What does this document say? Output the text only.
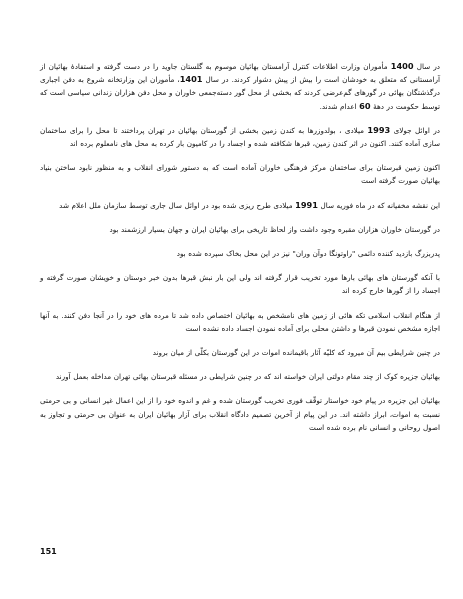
در سال 1400 مأموران وزارت اطلاعات کنترل آرامستان بهائیان موسوم به گلستان جاوید را در دست گرفته و استفادهٔ بهائیان از آرامستانی که متعلق به خودشان است را بیش از پیش دشوار کردند. در سال 1401، مأموران این وزارتخانه شروع به دفن اجباری درگذشتگان بهائی در گورهای گم‌عرضی کردند که بخشی از محل گور دسته‌جمعی خاوران و محل دفن هزاران زندانی سیاسی است که توسط حکومت در دههٔ 60 اعدام شدند.

در اوائل جولای 1993 میلادی ، بولدوزرها به کندن زمین بخشی از گورستان بهائیان در تهران پرداختند تا محل را برای ساختمان سازی آماده کنند. اکنون در اثر کندن زمین، قبرها شکافته شده و اجساد را در کامیون بار کرده به محل های نامعلوم برده اند

اکنون زمین قبرستان برای ساختمان مرکز فرهنگی خاوران آماده است که به دستور شورای انقلاب و به منظور نابود ساختن بنیاد بهائیان صورت گرفته است

این نقشه مخفیانه که در ماه فوریه سال 1991 میلادی طرح ریزی شده بود در اوائل سال جاری توسط سازمان ملل اعلام شد

در گورستان خاوران هزاران مقبره وجود داشت واز لحاظ تاریخی برای بهائیان ایران و جهان بسیار ارزشمند بود

پدربزرگ بازدید کننده دائمی "راوتونگا دوآن وران" نیز در این محل بخاک سپرده شده بود

با آنکه گورستان های بهائی بارها مورد تخریب قرار گرفته اند ولی این بار نبش قبرها بدون خبر دوستان و خویشان صورت گرفته و اجساد را از گورها خارج کرده اند

از هنگام انقلاب اسلامی تکه هائی از زمین های نامشخص به بهائیان اختصاص داده شد تا مرده های خود را در آنجا دفن کنند. به آنها اجازه مشخص نمودن قبرها و داشتن محلی برای آماده نمودن اجساد داده نشده است

در چنین شرایطی بیم آن میرود که کلیّه آثار باقیمانده اموات در این گورستان بکلّی از میان بروند

بهائیان جزیره کوک از چند مقام دولتی ایران خواسته اند که در چنین شرایطی در مسئله قبرستان بهائی تهران مداخله بعمل آورند

بهائیان این جزیره در پیام خود خواستار توقّف فوری تخریب گورستان شده و غم و اندوه خود را از این اعمال غیر انسانی و بی حرمتی نسبت به اموات، ابراز داشته اند. در این پیام از آخرین تصمیم دادگاه انقلاب برای آزار بهائیان ایران به عنوان بی حرمتی و تجاوز به اصول روحانی و انسانی نام برده شده است

151
